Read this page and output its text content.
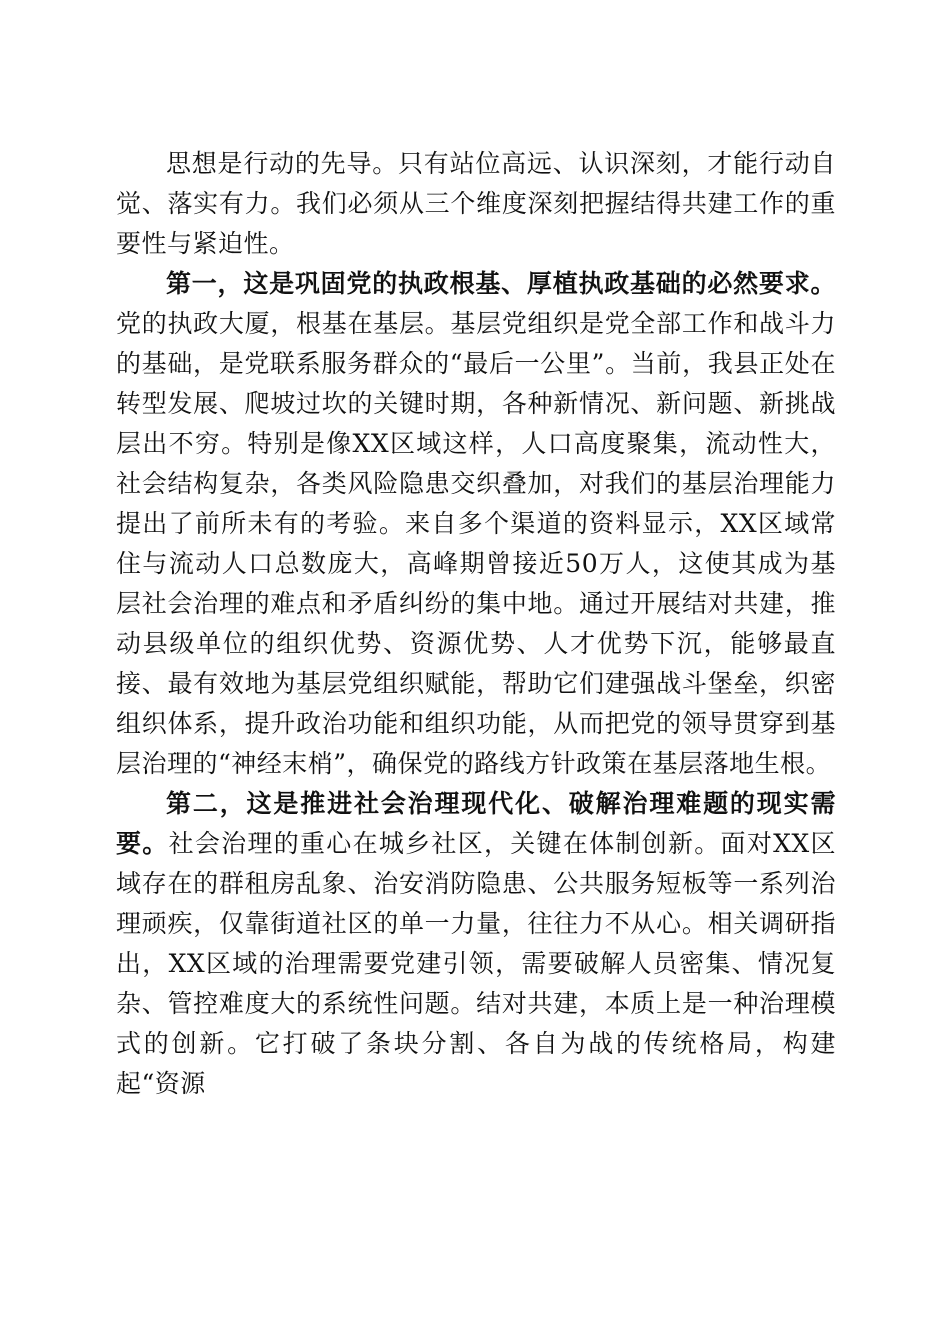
思想是行动的先导。只有站位高远、认识深刻，才能行动自觉、落实有力。我们必须从三个维度深刻把握结得共建工作的重要性与紧迫性。

第一，这是巩固党的执政根基、厚植执政基础的必然要求。党的执政大厦，根基在基层。基层党组织是党全部工作和战斗力的基础，是党联系服务群众的“最后一公里”。当前，我县正处在转型发展、爬坡过坎的关键时期，各种新情况、新问题、新挑战层出不穷。特别是像XX区域这样，人口高度聚集，流动性大，社会结构复杂，各类风险隐患交织叠加，对我们的基层治理能力提出了前所未有的考验。来自多个渠道的资料显示，XX区域常住与流动人口总数庞大，高峰期曾接近50万人，这使其成为基层社会治理的难点和矛盾纠纷的集中地。通过开展结对共建，推动县级单位的组织优势、资源优势、人才优势下沉，能够最直接、最有效地为基层党组织赋能，帮助它们建强战斗堡垒，织密组织体系，提升政治功能和组织功能，从而把党的领导贯穿到基层治理的“神经末梢”，确保党的路线方针政策在基层落地生根。

第二，这是推进社会治理现代化、破解治理难题的现实需要。社会治理的重心在城乡社区，关键在体制创新。面对XX区域存在的群租房乱象、治安消防隐患、公共服务短板等一系列治理顽疾，仅靠街道社区的单一力量，往往力不从心。相关调研指出，XX区域的治理需要党建引领，需要破解人员密集、情况复杂、管控难度大的系统性问题。结对共建，本质上是一种治理模式的创新。它打破了条块分割、各自为战的传统格局，构建起“资源
